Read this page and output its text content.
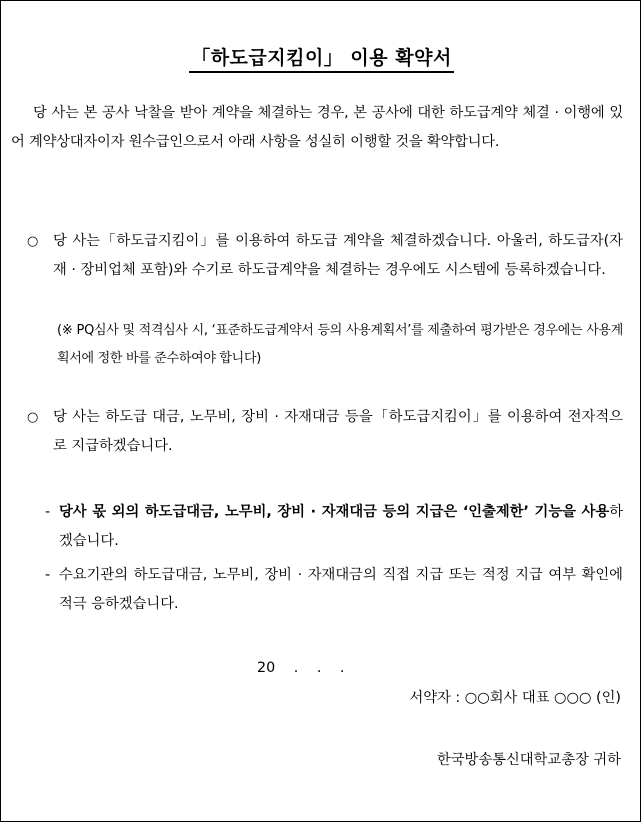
「하도급지킴이」 이용 확약서

당 사는 본 공사 낙찰을 받아 계약을 체결하는 경우, 본 공사에 대한 하도급계약 체결 · 이행에 있어 계약상대자이자 원수급인으로서 아래 사항을 성실히 이행할 것을 확약합니다.

○ 당 사는「하도급지킴이」를 이용하여 하도급 계약을 체결하겠습니다. 아울러, 하도급자(자재 · 장비업체 포함)와 수기로 하도급계약을 체결하는 경우에도 시스템에 등록하겠습니다.
(※ PQ심사 및 적격심사 시, ‘표준하도급계약서 등의 사용계획서’를 제출하여 평가받은 경우에는 사용계획서에 정한 바를 준수하여야 합니다)
○ 당 사는 하도급 대금, 노무비, 장비 · 자재대금 등을「하도급지킴이」를 이용하여 전자적으로 지급하겠습니다.
- 당사 몫 외의 하도급대금, 노무비, 장비 · 자재대금 등의 지급은 ‘인출제한’ 기능을 사용하겠습니다.
- 수요기관의 하도급대금, 노무비, 장비 · 자재대금의 직접 지급 또는 적정 지급 여부 확인에 적극 응하겠습니다.
20 . . .
서약자 : ○○회사 대표 ○○○ (인)
한국방송통신대학교총장 귀하
